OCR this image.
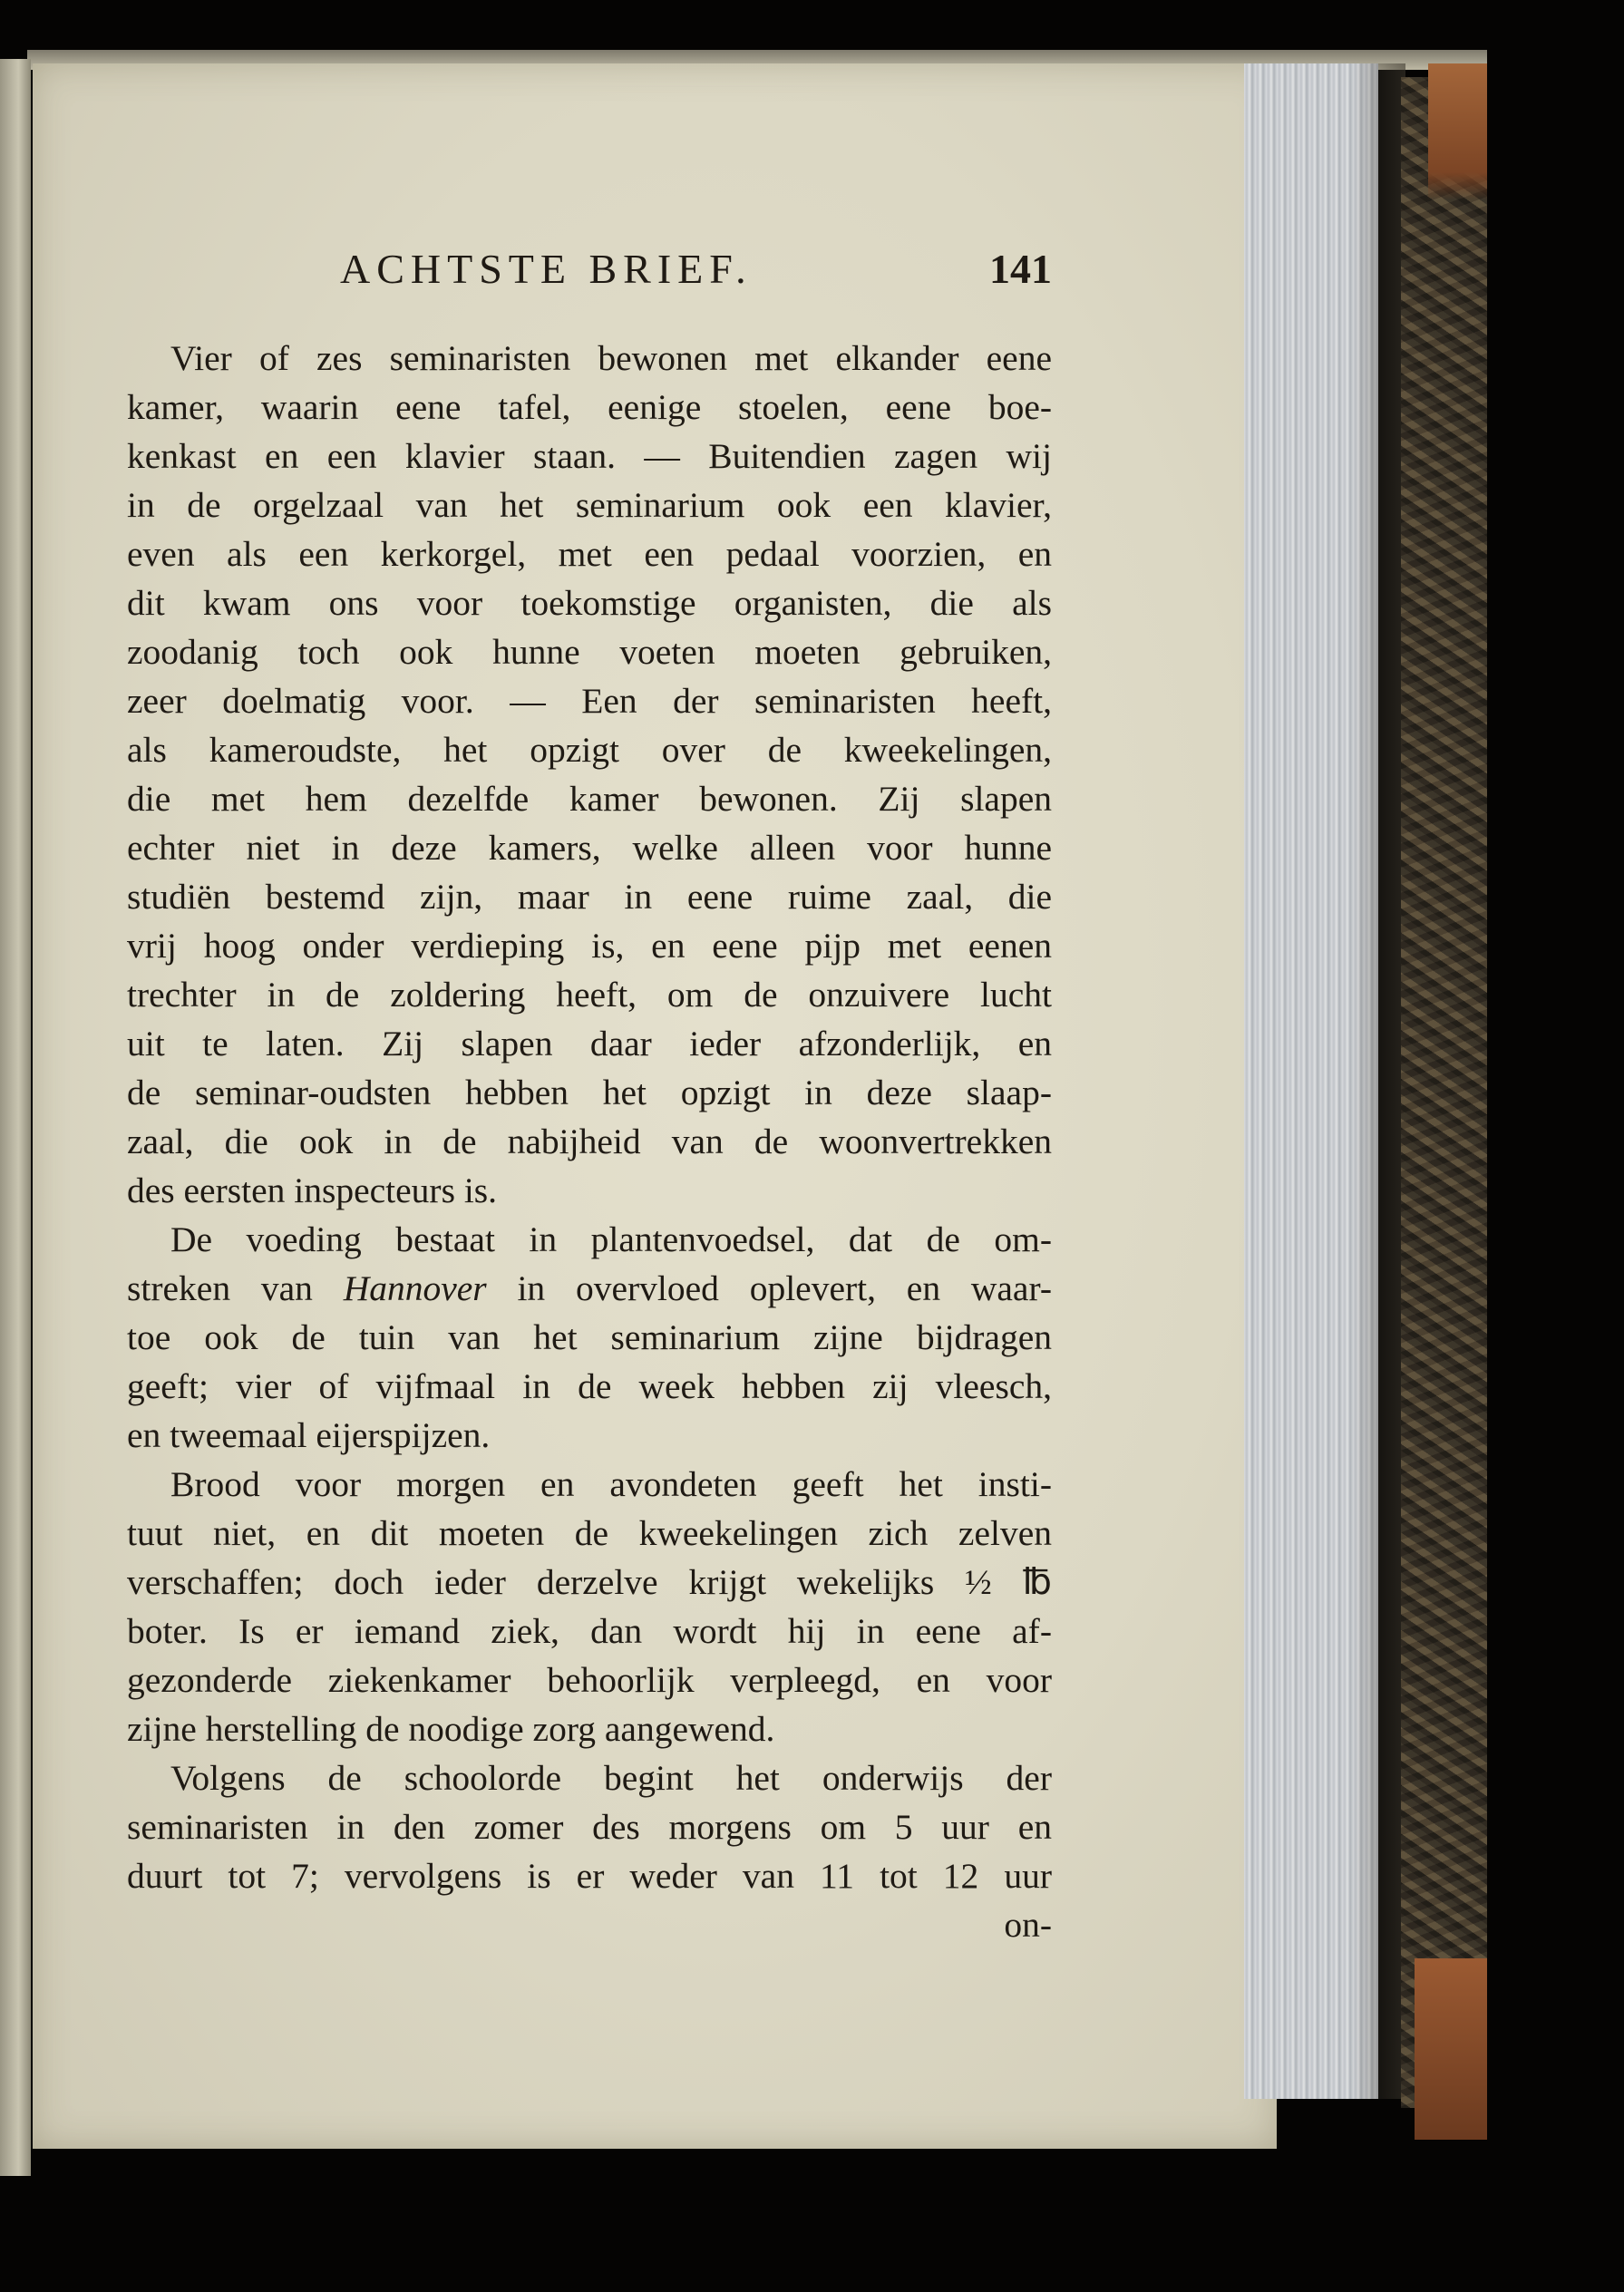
ACHTSTE BRIEF.	141
Vier of zes seminaristen bewonen met elkander eene
kamer, waarin eene tafel, eenige stoelen, eene boe-
kenkast en een klavier staan. — Buitendien zagen wij
in de orgelzaal van het seminarium ook een klavier,
even als een kerkorgel, met een pedaal voorzien, en
dit kwam ons voor toekomstige organisten, die als
zoodanig toch ook hunne voeten moeten gebruiken,
zeer doelmatig voor. — Een der seminaristen heeft,
als kameroudste, het opzigt over de kweekelingen,
die met hem dezelfde kamer bewonen. Zij slapen
echter niet in deze kamers, welke alleen voor hunne
studiën bestemd zijn, maar in eene ruime zaal, die
vrij hoog onder verdieping is, en eene pijp met eenen
trechter in de zoldering heeft, om de onzuivere lucht
uit te laten. Zij slapen daar ieder afzonderlijk, en
de seminar-oudsten hebben het opzigt in deze slaap-
zaal, die ook in de nabijheid van de woonvertrekken
des eersten inspecteurs is.
De voeding bestaat in plantenvoedsel, dat de om-
streken van Hannover in overvloed oplevert, en waar-
toe ook de tuin van het seminarium zijne bijdragen
geeft; vier of vijfmaal in de week hebben zij vleesch,
en tweemaal eijerspijzen.
Brood voor morgen en avondeten geeft het insti-
tuut niet, en dit moeten de kweekelingen zich zelven
verschaffen; doch ieder derzelve krijgt wekelijks ½ ℔
boter. Is er iemand ziek, dan wordt hij in eene af-
gezonderde ziekenkamer behoorlijk verpleegd, en voor
zijne herstelling de noodige zorg aangewend.
Volgens de schoolorde begint het onderwijs der
seminaristen in den zomer des morgens om 5 uur en
duurt tot 7; vervolgens is er weder van 11 tot 12 uur
on-
